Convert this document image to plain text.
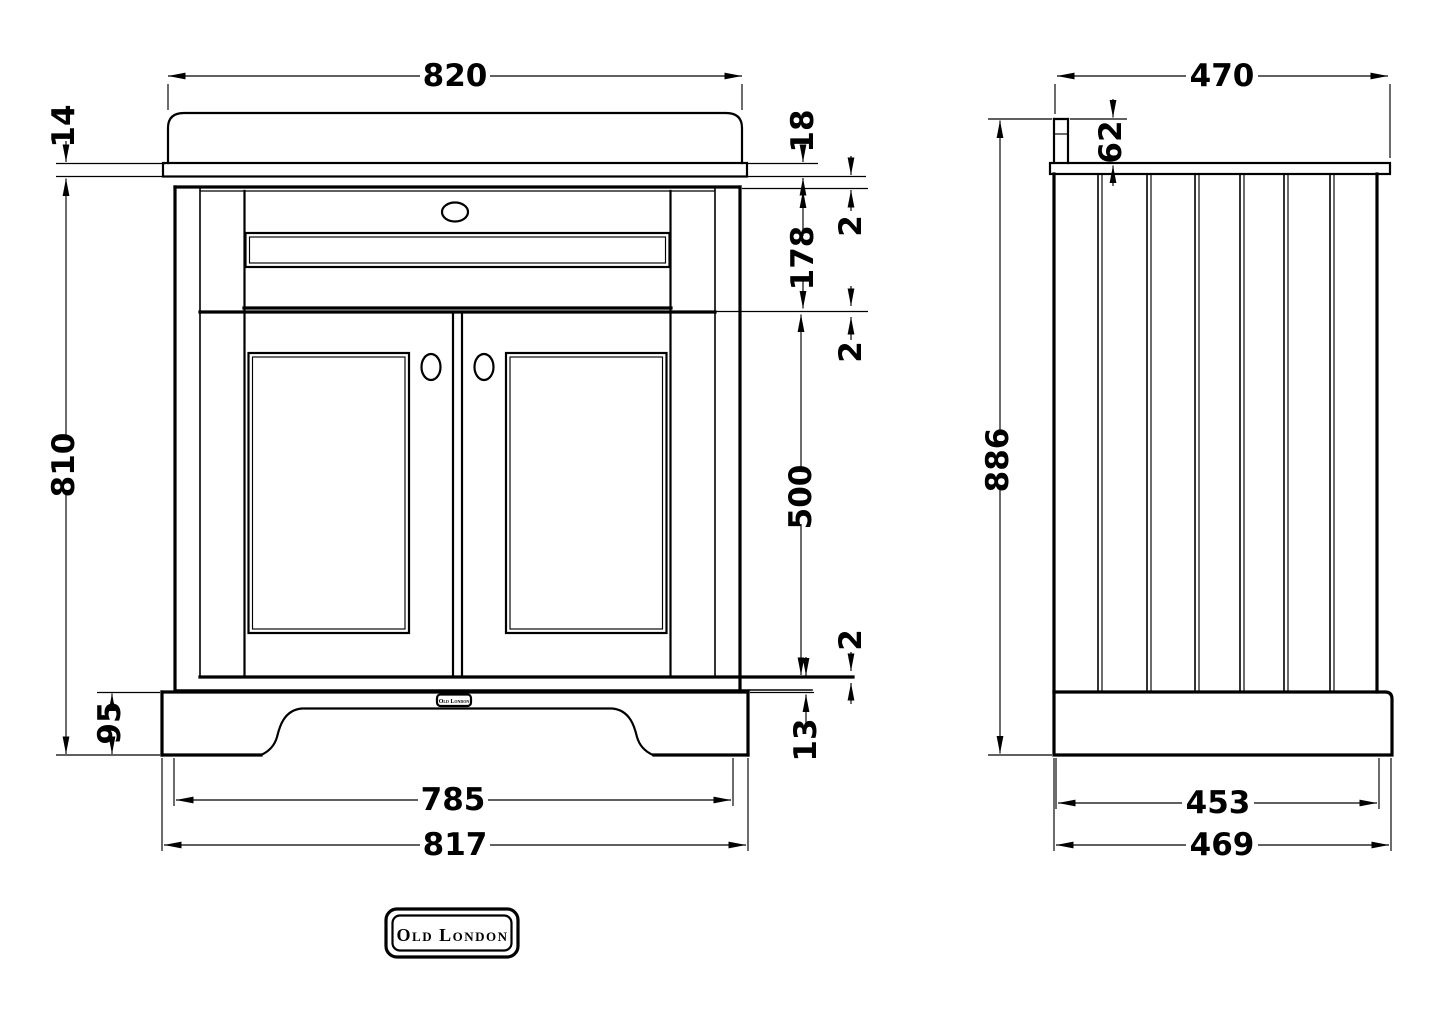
Old London
820
14
810
95
18
2
178
2
500
2
13
785
817
470
62
886
453
469
Old London
